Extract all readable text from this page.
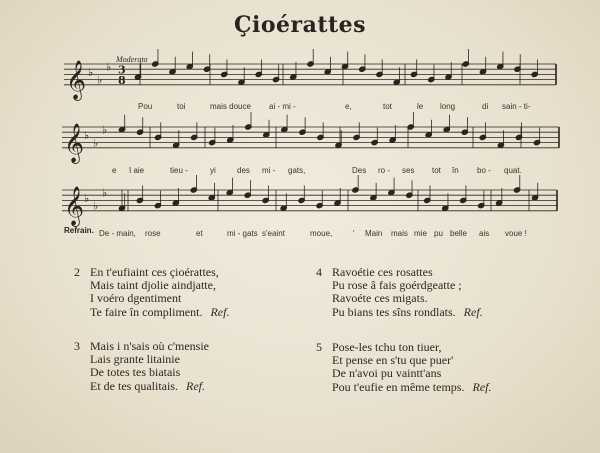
Çioérattes
𝄞 ♭
♭
♭ 3
8
𝄞 ♭
♭
♭
𝄞 ♭
♭
♭
Moderato
Refrain.
Pou	toi	mais douce ai - mi -	e,	tot	le long	di sain - ti-
e I aie	tieu -	yi	des mi - gats,	Des ro - ses tot în bo - quat.
De - main, rose	et	mi - gats s'eaint	moue,	' Main mais mie pu belle ais voue !
2 En t'eufiaint ces çioérattes,
Mais taint djolie aindjatte,
I voéro dgentiment
Te faire în compliment. Ref.
3 Mais i n'sais où c'mensie
Lais grante litainie
De totes tes biatais
Et de tes qualitais. Ref.
4 Ravoétie ces rosattes
Pu rose â fais goérdgeatte ;
Ravoéte ces migats.
Pu bians tes sîns rondlats. Ref.
5 Pose-les tchu ton tiuer,
Et pense en s'tu que puer'
De n'avoi pu vaintt'ans
Pou t'eufie en même temps. Ref.
